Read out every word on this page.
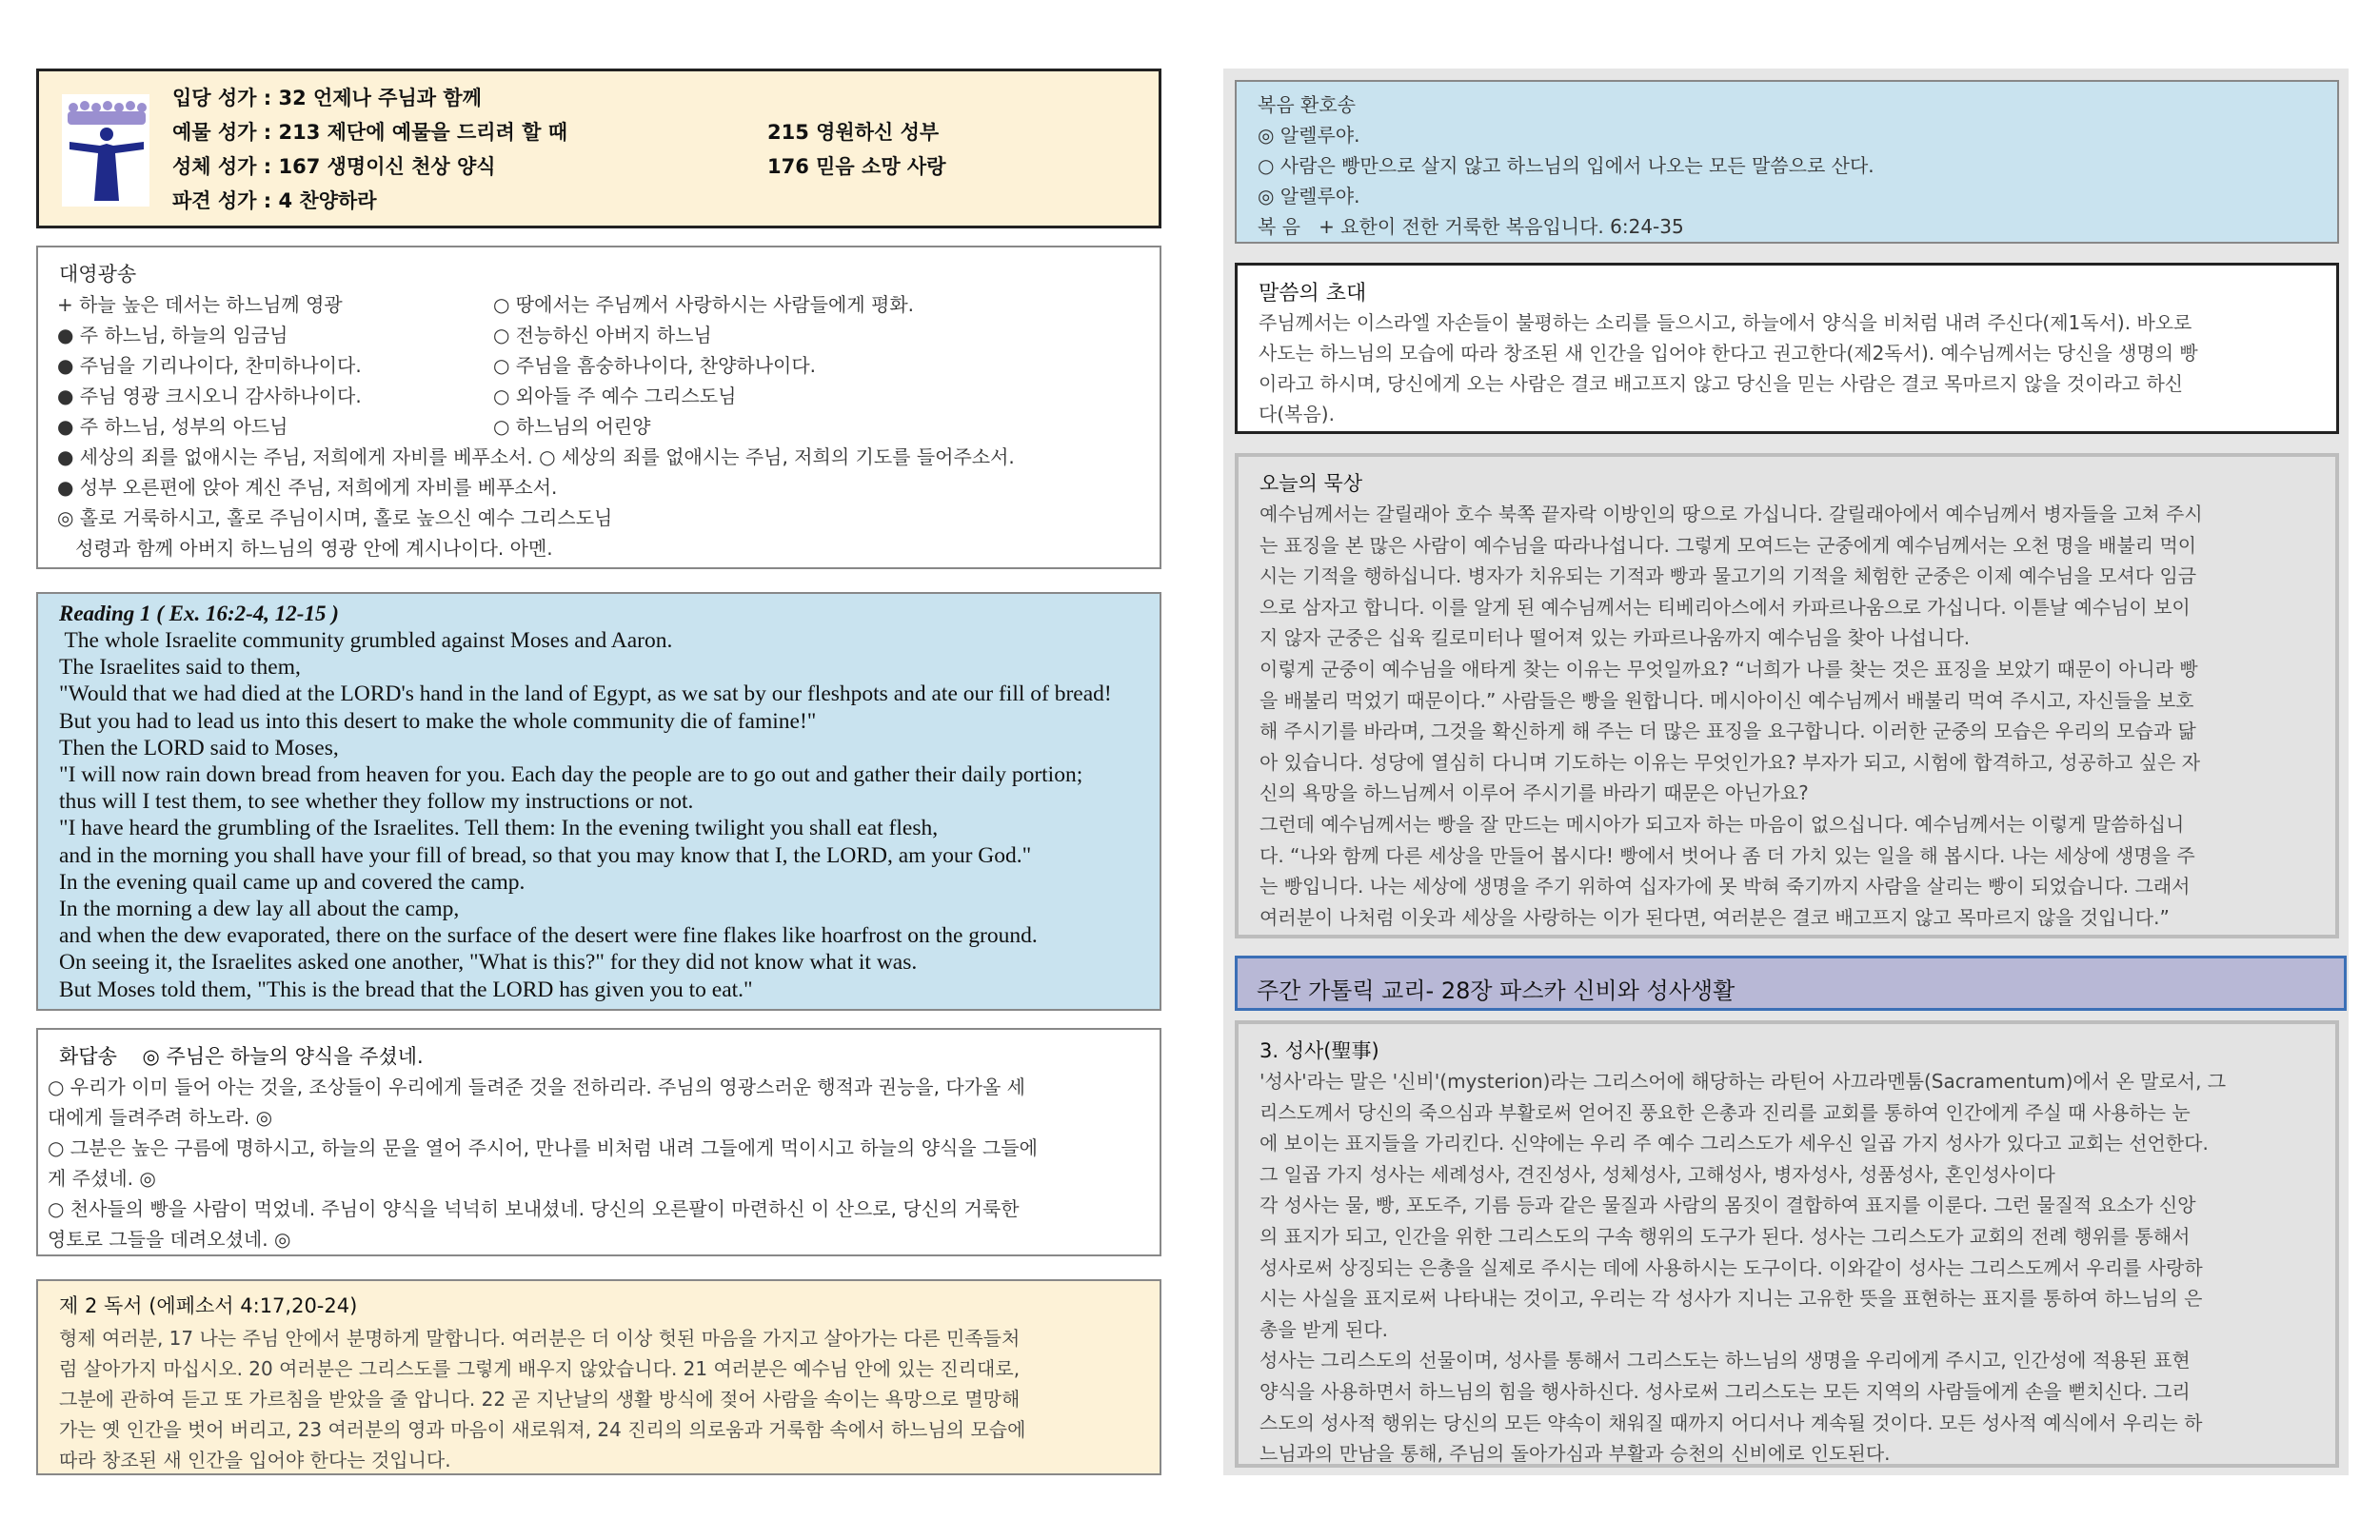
입당 성가 : 32 언제나 주님과 함께
예물 성가 : 213 제단에 예물을 드리려 할 때	215 영원하신 성부
성체 성가 : 167 생명이신 천상 양식	176 믿음 소망 사랑
파견 성가 : 4 찬양하라
대영광송
+ 하늘 높은 데서는 하느님께 영광
● 주 하느님, 하늘의 임금님
● 주님을 기리나이다, 찬미하나이다.
● 주님 영광 크시오니 감사하나이다.
● 주 하느님, 성부의 아드님
○ 땅에서는 주님께서 사랑하시는 사람들에게 평화.
○ 전능하신 아버지 하느님
○ 주님을 흠숭하나이다, 찬양하나이다.
○ 외아들 주 예수 그리스도님
○ 하느님의 어린양
● 세상의 죄를 없애시는 주님, 저희에게 자비를 베푸소서. ○ 세상의 죄를 없애시는 주님, 저희의 기도를 들어주소서.
● 성부 오른편에 앉아 계신 주님, 저희에게 자비를 베푸소서.
◎ 홀로 거룩하시고, 홀로 주님이시며, 홀로 높으신 예수 그리스도님
성령과 함께 아버지 하느님의 영광 안에 계시나이다. 아멘.
Reading 1 ( Ex. 16:2-4, 12-15 )
The whole Israelite community grumbled against Moses and Aaron.
The Israelites said to them,
"Would that we had died at the LORD's hand in the land of Egypt, as we sat by our fleshpots and ate our fill of bread!
But you had to lead us into this desert to make the whole community die of famine!"
Then the LORD said to Moses,
"I will now rain down bread from heaven for you. Each day the people are to go out and gather their daily portion;
thus will I test them, to see whether they follow my instructions or not.
"I have heard the grumbling of the Israelites. Tell them: In the evening twilight you shall eat flesh,
and in the morning you shall have your fill of bread, so that you may know that I, the LORD, am your God."
In the evening quail came up and covered the camp.
In the morning a dew lay all about the camp,
and when the dew evaporated, there on the surface of the desert were fine flakes like hoarfrost on the ground.
On seeing it, the Israelites asked one another, "What is this?" for they did not know what it was.
But Moses told them, "This is the bread that the LORD has given you to eat."
화답송    ◎ 주님은 하늘의 양식을 주셨네.
○ 우리가 이미 들어 아는 것을, 조상들이 우리에게 들려준 것을 전하리라. 주님의 영광스러운 행적과 권능을, 다가올 세
대에게 들려주려 하노라. ◎
○ 그분은 높은 구름에 명하시고, 하늘의 문을 열어 주시어, 만나를 비처럼 내려 그들에게 먹이시고 하늘의 양식을 그들에
게 주셨네. ◎
○ 천사들의 빵을 사람이 먹었네. 주님이 양식을 넉넉히 보내셨네. 당신의 오른팔이 마련하신 이 산으로, 당신의 거룩한
영토로 그들을 데려오셨네. ◎
제 2 독서 (에페소서 4:17,20-24)
형제 여러분, 17 나는 주님 안에서 분명하게 말합니다. 여러분은 더 이상 헛된 마음을 가지고 살아가는 다른 민족들처
럼 살아가지 마십시오. 20 여러분은 그리스도를 그렇게 배우지 않았습니다. 21 여러분은 예수님 안에 있는 진리대로,
그분에 관하여 듣고 또 가르침을 받았을 줄 압니다. 22 곧 지난날의 생활 방식에 젖어 사람을 속이는 욕망으로 멸망해
가는 옛 인간을 벗어 버리고, 23 여러분의 영과 마음이 새로워져, 24 진리의 의로움과 거룩함 속에서 하느님의 모습에
따라 창조된 새 인간을 입어야 한다는 것입니다.
복음 환호송
◎ 알렐루야.
○ 사람은 빵만으로 살지 않고 하느님의 입에서 나오는 모든 말씀으로 산다.
◎ 알렐루야.
복 음   + 요한이 전한 거룩한 복음입니다. 6:24-35
말씀의 초대
주님께서는 이스라엘 자손들이 불평하는 소리를 들으시고, 하늘에서 양식을 비처럼 내려 주신다(제1독서). 바오로
사도는 하느님의 모습에 따라 창조된 새 인간을 입어야 한다고 권고한다(제2독서). 예수님께서는 당신을 생명의 빵
이라고 하시며, 당신에게 오는 사람은 결코 배고프지 않고 당신을 믿는 사람은 결코 목마르지 않을 것이라고 하신
다(복음).
오늘의 묵상
예수님께서는 갈릴래아 호수 북쪽 끝자락 이방인의 땅으로 가십니다. 갈릴래아에서 예수님께서 병자들을 고쳐 주시
는 표징을 본 많은 사람이 예수님을 따라나섭니다. 그렇게 모여드는 군중에게 예수님께서는 오천 명을 배불리 먹이
시는 기적을 행하십니다. 병자가 치유되는 기적과 빵과 물고기의 기적을 체험한 군중은 이제 예수님을 모셔다 임금
으로 삼자고 합니다. 이를 알게 된 예수님께서는 티베리아스에서 카파르나움으로 가십니다. 이튿날 예수님이 보이
지 않자 군중은 십육 킬로미터나 떨어져 있는 카파르나움까지 예수님을 찾아 나섭니다.
이렇게 군중이 예수님을 애타게 찾는 이유는 무엇일까요? “너희가 나를 찾는 것은 표징을 보았기 때문이 아니라 빵
을 배불리 먹었기 때문이다.” 사람들은 빵을 원합니다. 메시아이신 예수님께서 배불리 먹여 주시고, 자신들을 보호
해 주시기를 바라며, 그것을 확신하게 해 주는 더 많은 표징을 요구합니다. 이러한 군중의 모습은 우리의 모습과 닮
아 있습니다. 성당에 열심히 다니며 기도하는 이유는 무엇인가요? 부자가 되고, 시험에 합격하고, 성공하고 싶은 자
신의 욕망을 하느님께서 이루어 주시기를 바라기 때문은 아닌가요?
그런데 예수님께서는 빵을 잘 만드는 메시아가 되고자 하는 마음이 없으십니다. 예수님께서는 이렇게 말씀하십니
다. “나와 함께 다른 세상을 만들어 봅시다! 빵에서 벗어나 좀 더 가치 있는 일을 해 봅시다. 나는 세상에 생명을 주
는 빵입니다. 나는 세상에 생명을 주기 위하여 십자가에 못 박혀 죽기까지 사람을 살리는 빵이 되었습니다. 그래서
여러분이 나처럼 이웃과 세상을 사랑하는 이가 된다면, 여러분은 결코 배고프지 않고 목마르지 않을 것입니다.”
주간 가톨릭 교리- 28장 파스카 신비와 성사생활
3. 성사(聖事)
'성사'라는 말은 '신비'(mysterion)라는 그리스어에 해당하는 라틴어 사끄라멘툼(Sacramentum)에서 온 말로서, 그
리스도께서 당신의 죽으심과 부활로써 얻어진 풍요한 은총과 진리를 교회를 통하여 인간에게 주실 때 사용하는 눈
에 보이는 표지들을 가리킨다. 신약에는 우리 주 예수 그리스도가 세우신 일곱 가지 성사가 있다고 교회는 선언한다.
그 일곱 가지 성사는 세례성사, 견진성사, 성체성사, 고해성사, 병자성사, 성품성사, 혼인성사이다
각 성사는 물, 빵, 포도주, 기름 등과 같은 물질과 사람의 몸짓이 결합하여 표지를 이룬다. 그런 물질적 요소가 신앙
의 표지가 되고, 인간을 위한 그리스도의 구속 행위의 도구가 된다. 성사는 그리스도가 교회의 전례 행위를 통해서
성사로써 상징되는 은총을 실제로 주시는 데에 사용하시는 도구이다. 이와같이 성사는 그리스도께서 우리를 사랑하
시는 사실을 표지로써 나타내는 것이고, 우리는 각 성사가 지니는 고유한 뜻을 표현하는 표지를 통하여 하느님의 은
총을 받게 된다.
성사는 그리스도의 선물이며, 성사를 통해서 그리스도는 하느님의 생명을 우리에게 주시고, 인간성에 적용된 표현
양식을 사용하면서 하느님의 힘을 행사하신다. 성사로써 그리스도는 모든 지역의 사람들에게 손을 뻗치신다. 그리
스도의 성사적 행위는 당신의 모든 약속이 채워질 때까지 어디서나 계속될 것이다. 모든 성사적 예식에서 우리는 하
느님과의 만남을 통해, 주님의 돌아가심과 부활과 승천의 신비에로 인도된다.
